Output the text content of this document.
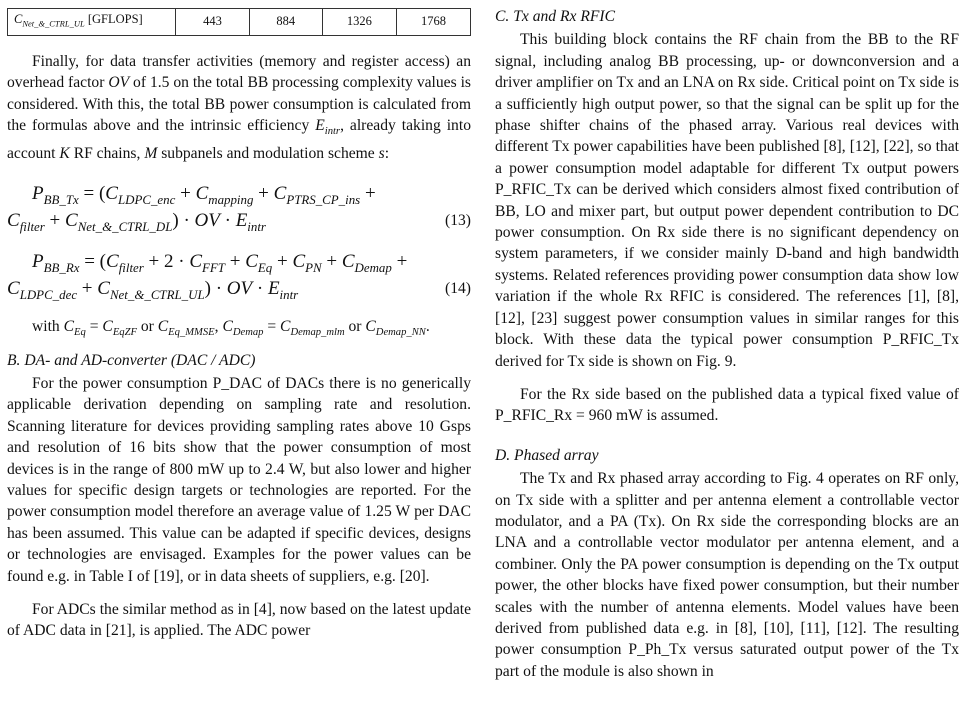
$C_{Net\_\&\_CTRL\_UL}$ [GFLOPS]	443	884	1326	1768

Finally, for data transfer activities (memory and register access) an overhead factor OV of 1.5 on the total BB processing complexity values is considered. With this, the total BB power consumption is calculated from the formulas above and the intrinsic efficiency $E_{intr}$, already taking into account K RF chains, M subpanels and modulation scheme s:

$P_{BB\_Tx} = (C_{LDPC\_enc} + C_{mapping} + C_{PTRS\_CP\_ins}$ +
$C_{filter} + C_{Net\_\&\_CTRL\_DL}$) · OV · $E_{intr}$	(13)
$P_{BB\_Rx} = (C_{filter} + 2 \cdot C_{FFT} + C_{Eq} + C_{PN} + C_{Demap}$ +
$C_{LDPC\_dec} + C_{Net\_\&\_CTRL\_UL}$) · OV · $E_{intr}$	(14)

with $C_{Eq} = C_{EqZF}$ or $C_{Eq\_MMSE}$, $C_{Demap} = C_{Demap\_mlm}$ or $C_{Demap\_NN}$.

B. DA- and AD-converter (DAC / ADC)

For the power consumption P_DAC of DACs there is no generically applicable derivation depending on sampling rate and resolution. Scanning literature for devices providing sampling rates above 10 Gsps and resolution of 16 bits show that the power consumption of most devices is in the range of 800 mW up to 2.4 W, but also lower and higher values for specific design targets or technologies are reported. For the power consumption model therefore an average value of 1.25 W per DAC has been assumed. This value can be adapted if specific devices, designs or technologies are envisaged. Examples for the power values can be found e.g. in Table I of [19], or in data sheets of suppliers, e.g. [20].

For ADCs the similar method as in [4], now based on the latest update of ADC data in [21], is applied. The ADC power

C. Tx and Rx RFIC

This building block contains the RF chain from the BB to the RF signal, including analog BB processing, up- or downconversion and a driver amplifier on Tx and an LNA on Rx side. Critical point on Tx side is a sufficiently high output power, so that the signal can be split up for the phase shifter chains of the phased array. Various real devices with different Tx power capabilities have been published [8], [12], [22], so that a power consumption model adaptable for different Tx output powers P_RFIC_Tx can be derived which considers almost fixed contribution of BB, LO and mixer part, but output power dependent contribution to DC power consumption. On Rx side there is no significant dependency on system parameters, if we consider mainly D-band and high bandwidth systems. Related references providing power consumption data show low variation if the whole Rx RFIC is considered. The references [1], [8], [12], [23] suggest power consumption values in similar ranges for this block. With these data the typical power consumption P_RFIC_Tx derived for Tx side is shown on Fig. 9.

For the Rx side based on the published data a typical fixed value of P_RFIC_Rx = 960 mW is assumed.

D. Phased array

The Tx and Rx phased array according to Fig. 4 operates on RF only, on Tx side with a splitter and per antenna element a controllable vector modulator, and a PA (Tx). On Rx side the corresponding blocks are an LNA and a controllable vector modulator per antenna element, and a combiner. Only the PA power consumption is depending on the Tx output power, the other blocks have fixed power consumption, but their number scales with the number of antenna elements. Model values have been derived from published data e.g. in [8], [10], [11], [12]. The resulting power consumption P_Ph_Tx versus saturated output power of the Tx part of the module is also shown in
